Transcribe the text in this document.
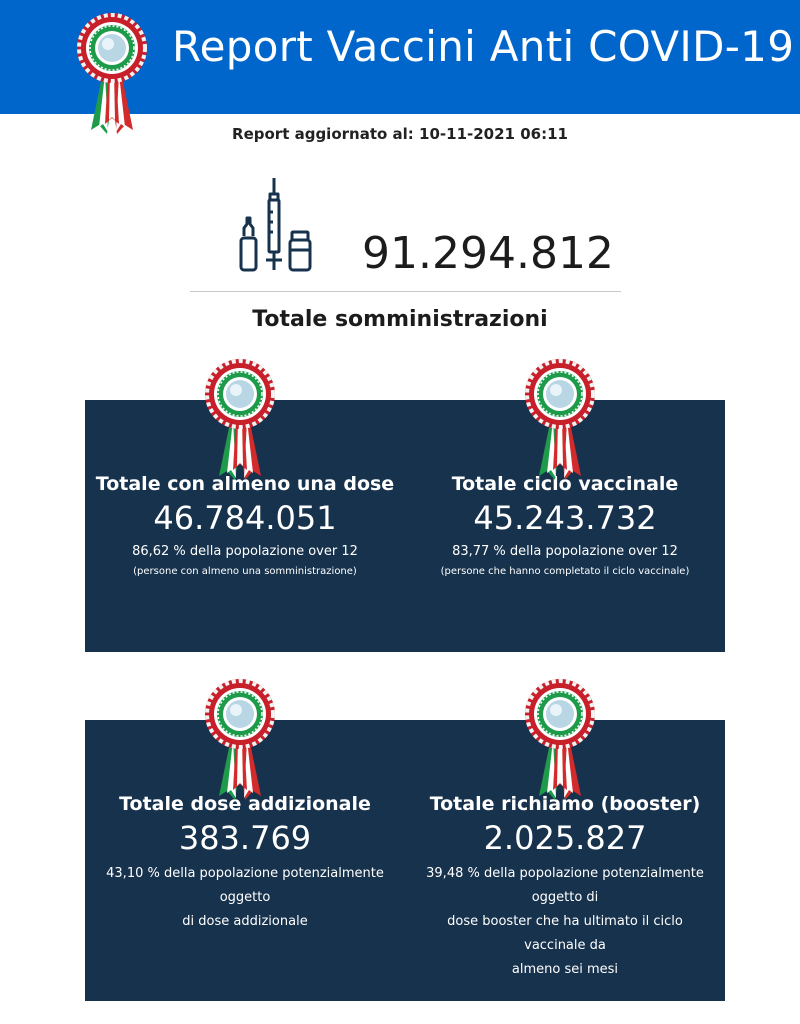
Report Vaccini Anti COVID-19
Report aggiornato al: 10-11-2021 06:11
91.294.812
Totale somministrazioni
Totale con almeno una dose
46.784.051
86,62 % della popolazione over 12
(persone con almeno una somministrazione)
Totale ciclo vaccinale
45.243.732
83,77 % della popolazione over 12
(persone che hanno completato il ciclo vaccinale)
Totale dose addizionale
383.769
43,10 % della popolazione potenzialmente
oggetto
di dose addizionale
Totale richiamo (booster)
2.025.827
39,48 % della popolazione potenzialmente
oggetto di
dose booster che ha ultimato il ciclo
vaccinale da
almeno sei mesi
